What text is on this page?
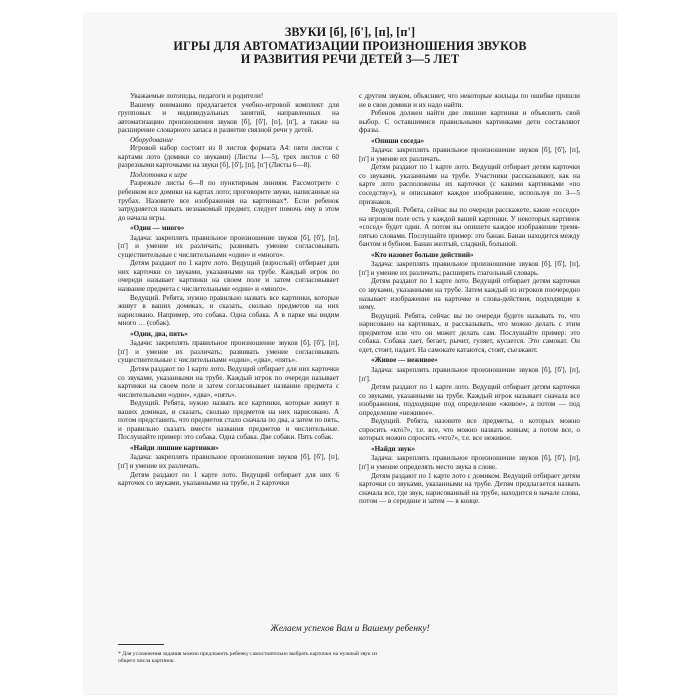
ЗВУКИ [б], [б'], [п], [п']
ИГРЫ ДЛЯ АВТОМАТИЗАЦИИ ПРОИЗНОШЕНИЯ ЗВУКОВ
И РАЗВИТИЯ РЕЧИ ДЕТЕЙ 3—5 ЛЕТ

Уважаемые логопеды, педагоги и родители!

Вашему вниманию предлагается учебно-игровой комплект для групповых и индивидуальных занятий, направленных на автоматизацию произношения звуков [б], [б'], [п], [п'], а также на расширение словарного запаса и развитие связной речи у детей.

Оборудование

Игровой набор состоит из 8 листов формата А4: пяти листов с картами лото (домики со звуками) (Листы 1—5), трех листов с 60 разрезными карточками на звуки [б], [б'], [п], [п'] (Листы 6—8).

Подготовка к игре

Разрежьте листы 6—8 по пунктирным линиям. Рассмотрите с ребенком все домики на картах лото; проговорите звуки, написанные на трубах. Назовите все изображения на картинках*. Если ребенок затрудняется назвать незнакомый предмет, следует помочь ему в этом до начала игры.

«Один — много»

Задача: закреплять правильное произношение звуков [б], [б'], [п], [п'] и умение их различать; развивать умение согласовывать существительные с числительными «один» и «много».

Детям раздают по 1 карте лото. Ведущий (взрослый) отбирает для них карточки со звуками, указанными на трубе. Каждый игрок по очереди называет картинки на своем поле и затем согласовывает название предмета с числительными «один» и «много».

Ведущий. Ребята, нужно правильно назвать все картинки, которые живут в ваших домиках, и сказать, сколько предметов на них нарисовано. Например, это собака. Одна собака. А в парке мы видим много … (собак).

«Один, два, пять»

Задачи: закреплять правильное произношение звуков [б], [б'], [п], [п'] и умение их различать; развивать умение согласовывать существительные с числительными «один», «два», «пять».

Детям раздают по 1 карте лото. Ведущий отбирает для них карточки со звуками, указанными на трубе. Каждый игрок по очереди называет картинки на своем поле и затем согласовывает название предмета с числительными «один», «два», «пять».

Ведущий. Ребята, нужно назвать все картинки, которые живут в ваших домиках, и сказать, сколько предметов на них нарисовано. А потом представить, что предметов стало сначала по два, а затем по пять, и правильно сказать вместе названия предметов и числительные. Послушайте пример: это собака. Одна собака. Две собаки. Пять собак.

«Найди лишние картинки»

Задача: закреплять правильное произношение звуков [б], [б'], [п], [п'] и умение их различать.

Детям раздают по 1 карте лото. Ведущий отбирает для них 6 карточек со звуками, указанными на трубе, и 2 карточки

с другим звуком, объясняет, что некоторые жильцы по ошибке пришли не в свои домики и их надо найти.

Ребенок должен найти две лишние картинки и объяснить свой выбор. С оставшимися правильными картинками дети составляют фразы.

«Опиши соседа»

Задача: закреплять правильное произношение звуков [б], [б'], [п], [п'] и умение их различать.

Детям раздают по 1 карте лото. Ведущий отбирает детям карточки со звуками, указанными на трубе. Участники рассказывают, как на карте лото расположены их карточки (с какими картинками «по соседству»), и описывают каждое изображение, используя по 3—5 признаков.

Ведущий. Ребята, сейчас вы по очереди расскажете, какие «соседи» на игровом поле есть у каждой вашей картинки. У некоторых картинок «сосед» будет один. А потом вы опишете каждое изображение тремя-пятью словами. Послушайте пример: это банан. Банан находится между бантом и бубном. Банан желтый, сладкий, большой.

«Кто назовет больше действий»

Задача: закреплять правильное произношение звуков [б], [б'], [п], [п'] и умение их различать; расширять глагольный словарь.

Детям раздают по 1 карте лото. Ведущий отбирает детям карточки со звуками, указанными на трубе. Затем каждый из игроков поочередно называет изображение на карточке и слова-действия, подходящие к нему.

Ведущий. Ребята, сейчас вы по очереди будете называть то, что нарисовано на картинках, и рассказывать, что можно делать с этим предметом или что он может делать сам. Послушайте пример: это собака. Собака лает, бегает, рычит, гуляет, кусается. Это самокат. Он едет, стоит, падает. На самокате катаются, стоят, съезжают.

«Живое — неживое»

Задача: закреплять правильное произношение звуков [б], [б'], [п], [п'].

Детям раздают по 1 карте лото. Ведущий отбирает детям карточки со звуками, указанными на трубе. Каждый игрок называет сначала все изображения, подходящие под определение «живое», а потом — под определение «неживое».

Ведущий. Ребята, назовите все предметы, о которых можно спросить «кто?», т.е. все, что можно назвать живым; а потом все, о которых можно спросить «что?», т.е. все неживое.

«Найди звук»

Задача: закреплять правильное произношение звуков [б], [б'], [п], [п'] и умение определять место звука в слове.

Детям раздают по 1 карте лото с домиком. Ведущий отбирает детям карточки со звуками, указанными на трубе. Детям предлагается назвать сначала все, где звук, нарисованный на трубе, находится в начале слова, потом — в середине и затем — в конце.

Желаем успехов Вам и Вашему ребенку!
* Для усложнения задания можно предложить ребенку самостоятельно выбрать карточки на нужный звук из общего числа картинок.
